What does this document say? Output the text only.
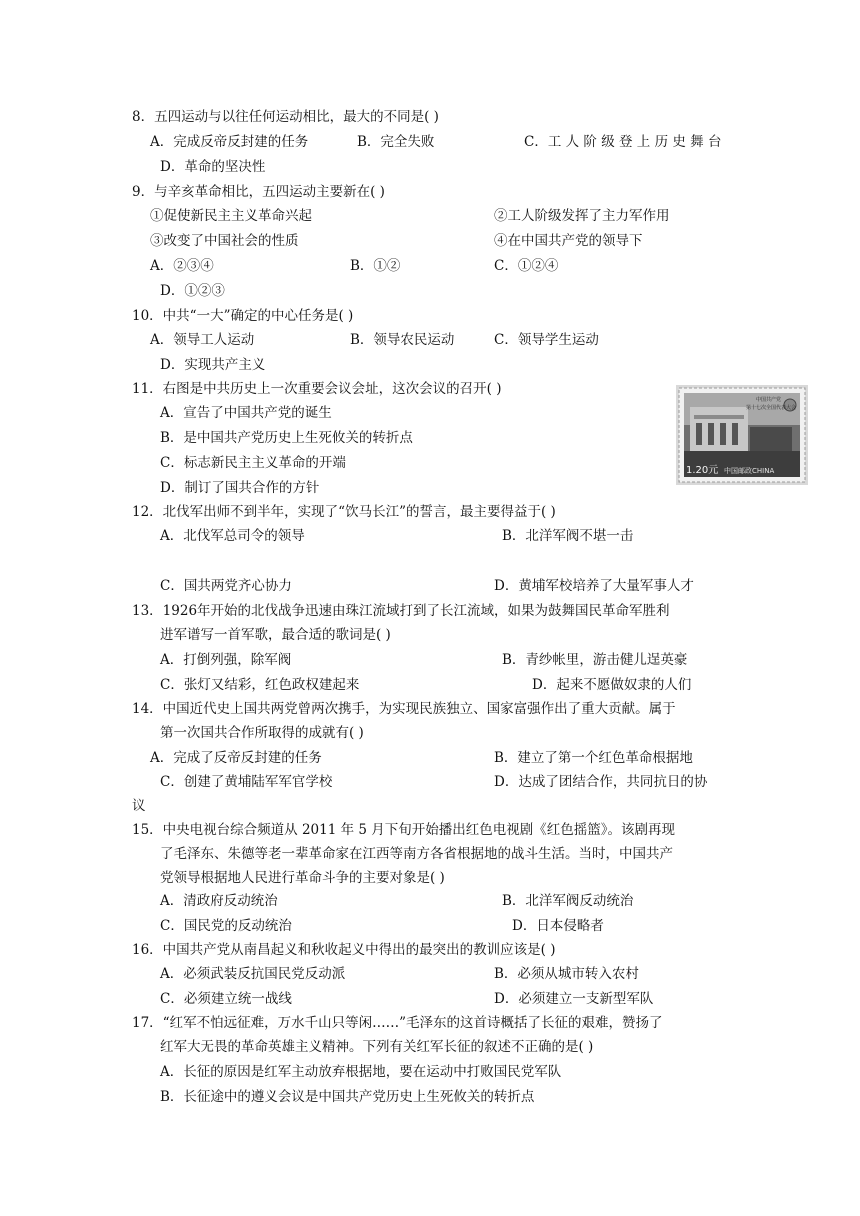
8．五四运动与以往任何运动相比，最大的不同是( )
A．完成反帝反封建的任务	B．完全失败	C．工 人 阶 级 登 上 历 史 舞 台
D．革命的坚决性
9．与辛亥革命相比，五四运动主要新在( )
①促使新民主主义革命兴起	②工人阶级发挥了主力军作用
③改变了中国社会的性质	④在中国共产党的领导下
A．②③④	B．①②	C．①②④
D．①②③
10．中共“一大”确定的中心任务是( )
A．领导工人运动	B．领导农民运动	C．领导学生运动
D．实现共产主义
11．右图是中共历史上一次重要会议会址，这次会议的召开( )
A．宣告了中国共产党的诞生
B．是中国共产党历史上生死攸关的转折点
C．标志新民主主义革命的开端
D．制订了国共合作的方针
中国共产党
第十七次全国代表大会
1.20元 中国邮政CHINA
12．北伐军出师不到半年，实现了“饮马长江”的誓言，最主要得益于( )
A．北伐军总司令的领导	B．北洋军阀不堪一击
C．国共两党齐心协力	D．黄埔军校培养了大量军事人才
13．1926年开始的北伐战争迅速由珠江流域打到了长江流域，如果为鼓舞国民革命军胜利
进军谱写一首军歌，最合适的歌词是( )
A．打倒列强，除军阀	B．青纱帐里，游击健儿逞英豪
C．张灯又结彩，红色政权建起来	D．起来不愿做奴隶的人们
14．中国近代史上国共两党曾两次携手，为实现民族独立、国家富强作出了重大贡献。属于
第一次国共合作所取得的成就有( )
A．完成了反帝反封建的任务	B．建立了第一个红色革命根据地
C．创建了黄埔陆军军官学校	D．达成了团结合作，共同抗日的协
议
15．中央电视台综合频道从 2011 年 5 月下旬开始播出红色电视剧《红色摇篮》。该剧再现
了毛泽东、朱德等老一辈革命家在江西等南方各省根据地的战斗生活。当时，中国共产
党领导根据地人民进行革命斗争的主要对象是( )
A．清政府反动统治	B．北洋军阀反动统治
C．国民党的反动统治	D．日本侵略者
16．中国共产党从南昌起义和秋收起义中得出的最突出的教训应该是( )
A．必须武装反抗国民党反动派	B．必须从城市转入农村
C．必须建立统一战线	D．必须建立一支新型军队
17．“红军不怕远征难，万水千山只等闲……”毛泽东的这首诗概括了长征的艰难，赞扬了
红军大无畏的革命英雄主义精神。下列有关红军长征的叙述不正确的是( )
A．长征的原因是红军主动放弃根据地，要在运动中打败国民党军队
B．长征途中的遵义会议是中国共产党历史上生死攸关的转折点
